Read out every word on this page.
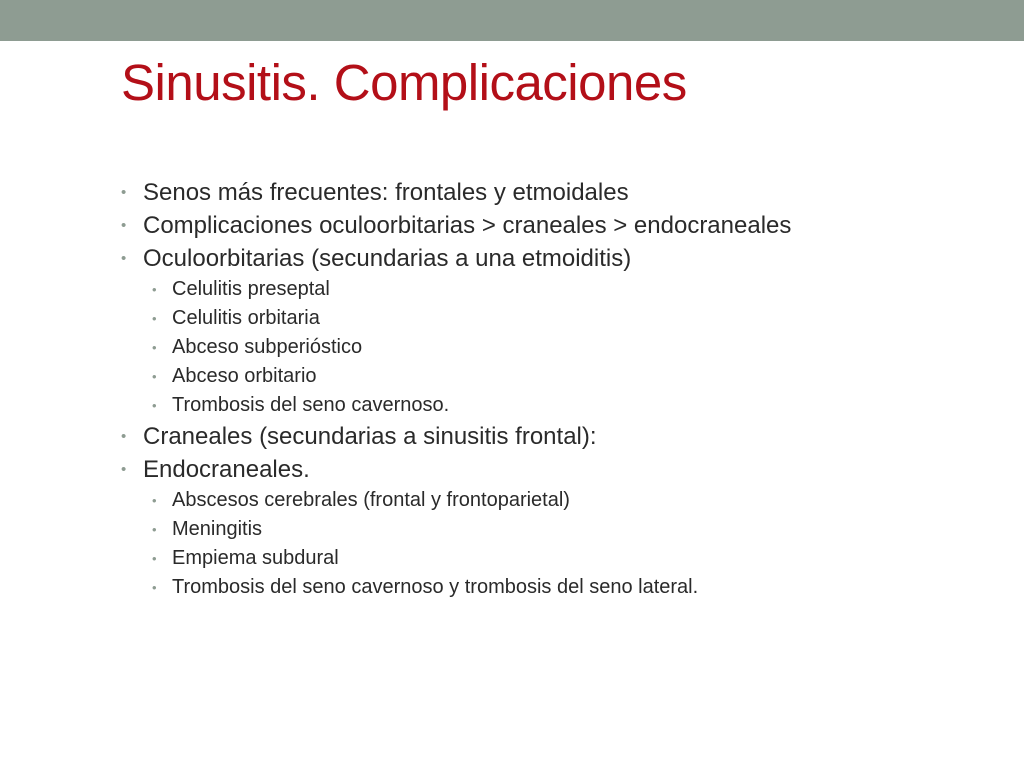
Sinusitis. Complicaciones
• Senos más frecuentes: frontales y etmoidales
• Complicaciones oculoorbitarias > craneales > endocraneales
• Oculoorbitarias (secundarias a una etmoiditis)
• Celulitis preseptal
• Celulitis orbitaria
• Abceso subperióstico
• Abceso orbitario
• Trombosis del seno cavernoso.
• Craneales (secundarias a sinusitis frontal):
• Endocraneales.
• Abscesos cerebrales (frontal y frontoparietal)
• Meningitis
• Empiema subdural
• Trombosis del seno cavernoso y trombosis del seno lateral.
